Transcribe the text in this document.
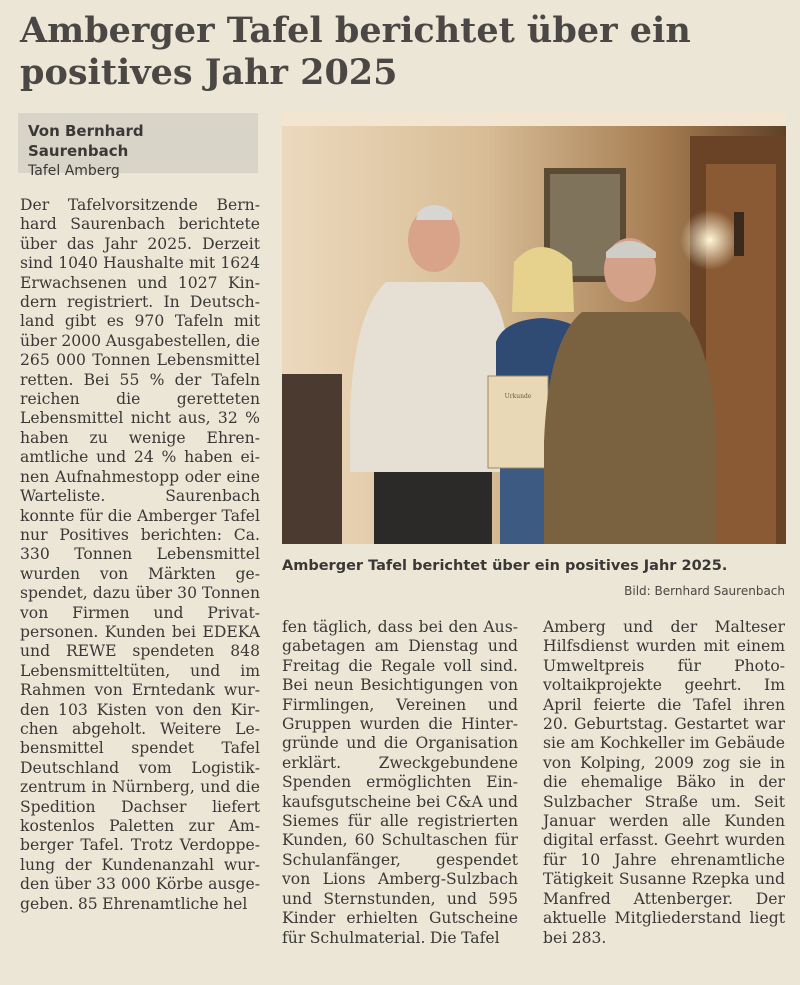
Amberger Tafel berichtet über ein positives Jahr 2025
Von Bernhard Saurenbach
Tafel Amberg

Der Tafelvorsitzende Bernhard Saurenbach berichtete über das Jahr 2025. Derzeit sind 1040 Haushalte mit 1624 Erwachsenen und 1027 Kindern registriert. In Deutschland gibt es 970 Tafeln mit über 2000 Ausgabestellen, die 265 000 Tonnen Lebensmittel retten. Bei 55 % der Tafeln reichen die geretteten Lebensmittel nicht aus, 32 % haben zu wenige Ehrenamtliche und 24 % haben einen Aufnahmestopp oder eine Warteliste. Saurenbach konnte für die Amberger Tafel nur Positives berichten: Ca. 330 Tonnen Lebensmittel wurden von Märkten gespendet, dazu über 30 Tonnen von Firmen und Privatpersonen. Kunden bei EDEKA und REWE spendeten 848 Lebensmitteltüten, und im Rahmen von Erntedank wurden 103 Kisten von den Kirchen abgeholt. Weitere Lebensmittel spendet Tafel Deutschland vom Logistikzentrum in Nürnberg, und die Spedition Dachser liefert kostenlos Paletten zur Amberger Tafel. Trotz Verdoppelung der Kundenanzahl wurden über 33 000 Körbe ausgegeben. 85 Ehrenamtliche hel

Urkunde

Amberger Tafel berichtet über ein positives Jahr 2025.

Bild: Bernhard Saurenbach

fen täglich, dass bei den Ausgabetagen am Dienstag und Freitag die Regale voll sind. Bei neun Besichtigungen von Firmlingen, Vereinen und Gruppen wurden die Hintergründe und die Organisation erklärt. Zweckgebundene Spenden ermöglichten Einkaufsgutscheine bei C&A und Siemes für alle registrierten Kunden, 60 Schultaschen für Schulanfänger, gespendet von Lions Amberg-Sulzbach und Sternstunden, und 595 Kinder erhielten Gutscheine für Schulmaterial. Die Tafel

Amberg und der Malteser Hilfsdienst wurden mit einem Umweltpreis für Photovoltaikprojekte geehrt. Im April feierte die Tafel ihren 20. Geburtstag. Gestartet war sie am Kochkeller im Gebäude von Kolping, 2009 zog sie in die ehemalige Bäko in der Sulzbacher Straße um. Seit Januar werden alle Kunden digital erfasst. Geehrt wurden für 10 Jahre ehrenamtliche Tätigkeit Susanne Rzepka und Manfred Attenberger. Der aktuelle Mitgliederstand liegt bei 283.
